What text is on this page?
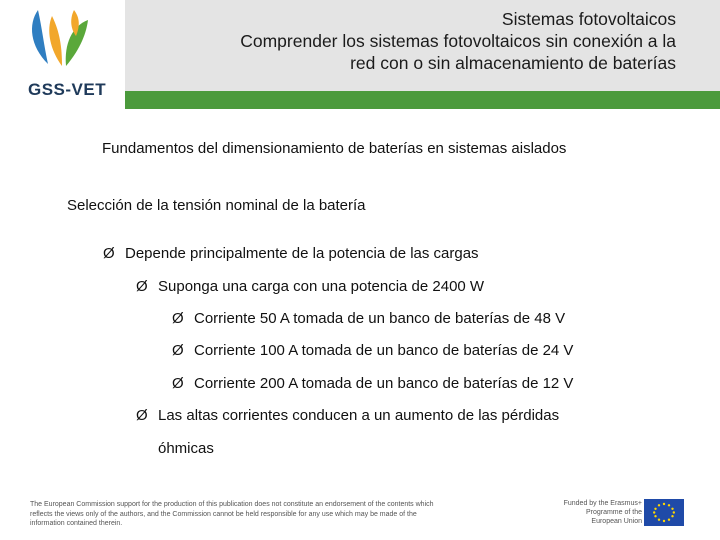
GSS-VET
Sistemas fotovoltaicos
Comprender los sistemas fotovoltaicos sin conexión a la
red con o sin almacenamiento de baterías
Fundamentos del dimensionamiento de baterías en sistemas aislados
Selección de la tensión nominal de la batería
Ø Depende principalmente de la potencia de las cargas
Ø Suponga una carga con una potencia de 2400 W
Ø Corriente 50 A tomada de un banco de baterías de 48 V
Ø Corriente 100 A tomada de un banco de baterías de 24 V
Ø Corriente 200 A tomada de un banco de baterías de 12 V
Ø Las altas corrientes conducen a un aumento de las pérdidas
óhmicas
The European Commission support for the production of this publication does not constitute an endorsement of the contents which reflects the views only of the authors, and the Commission cannot be held responsible for any use which may be made of the information contained therein.
Funded by the Erasmus+ Programme of the European Union
